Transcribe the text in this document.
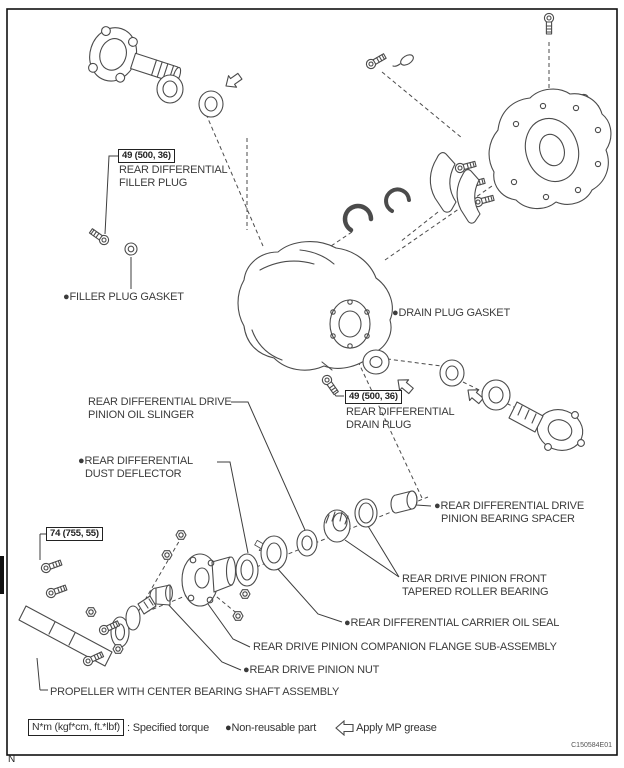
49 (500, 36)
REAR DIFFERENTIAL
FILLER PLUG
●FILLER PLUG GASKET
●DRAIN PLUG GASKET
49 (500, 36)
REAR DIFFERENTIAL
DRAIN PLUG
REAR DIFFERENTIAL DRIVE
PINION OIL SLINGER
●REAR DIFFERENTIAL
DUST DEFLECTOR
●REAR DIFFERENTIAL DRIVE
PINION BEARING SPACER
REAR DRIVE PINION FRONT
TAPERED ROLLER BEARING
●REAR DIFFERENTIAL CARRIER OIL SEAL
REAR DRIVE PINION COMPANION FLANGE SUB-ASSEMBLY
●REAR DRIVE PINION NUT
74 (755, 55)
PROPELLER WITH CENTER BEARING SHAFT ASSEMBLY
N*m (kgf*cm, ft.*lbf) : Specified torque ●Non-reusable part	Apply MP grease
C150584E01
N
